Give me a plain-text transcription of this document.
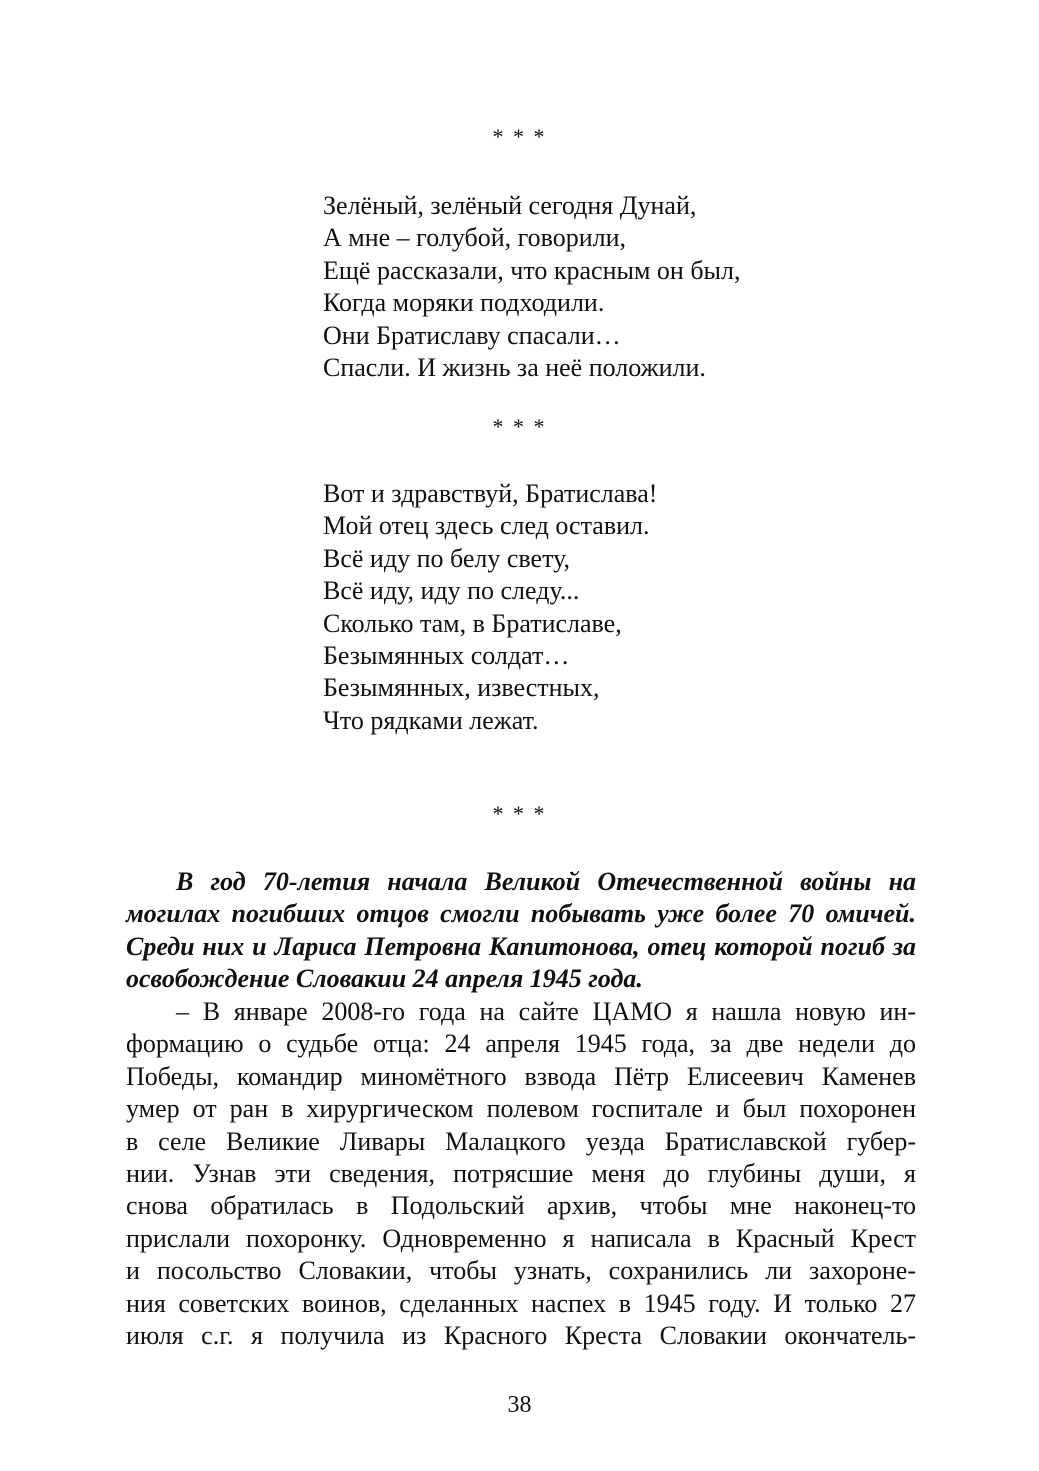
* * *
Зелёный, зелёный сегодня Дунай,
А мне – голубой, говорили,
Ещё рассказали, что красным он был,
Когда моряки подходили.
Они Братиславу спасали…
Спасли. И жизнь за неё положили.
* * *
Вот и здравствуй, Братислава!
Мой отец здесь след оставил.
Всё иду по белу свету,
Всё иду, иду по следу...
Сколько там, в Братиславе,
Безымянных солдат…
Безымянных, известных,
Что рядками лежат.
* * *

В год 70-летия начала Великой Отечественной войны на могилах погибших отцов смогли побывать уже более 70 омичей. Среди них и Лариса Петровна Капитонова, отец которой погиб за освобождение Словакии 24 апреля 1945 года.

– В январе 2008-го года на сайте ЦАМО я нашла новую ин-
формацию о судьбе отца: 24 апреля 1945 года, за две недели до
Победы, командир миномётного взвода Пётр Елисеевич Каменев
умер от ран в хирургическом полевом госпитале и был похоронен
в селе Великие Ливары Малацкого уезда Братиславской губер-
нии. Узнав эти сведения, потрясшие меня до глубины души, я
снова обратилась в Подольский архив, чтобы мне наконец-то
прислали похоронку. Одновременно я написала в Красный Крест
и посольство Словакии, чтобы узнать, сохранились ли захороне-
ния советских воинов, сделанных наспех в 1945 году. И только 27
июля с.г. я получила из Красного Креста Словакии окончатель-
38
